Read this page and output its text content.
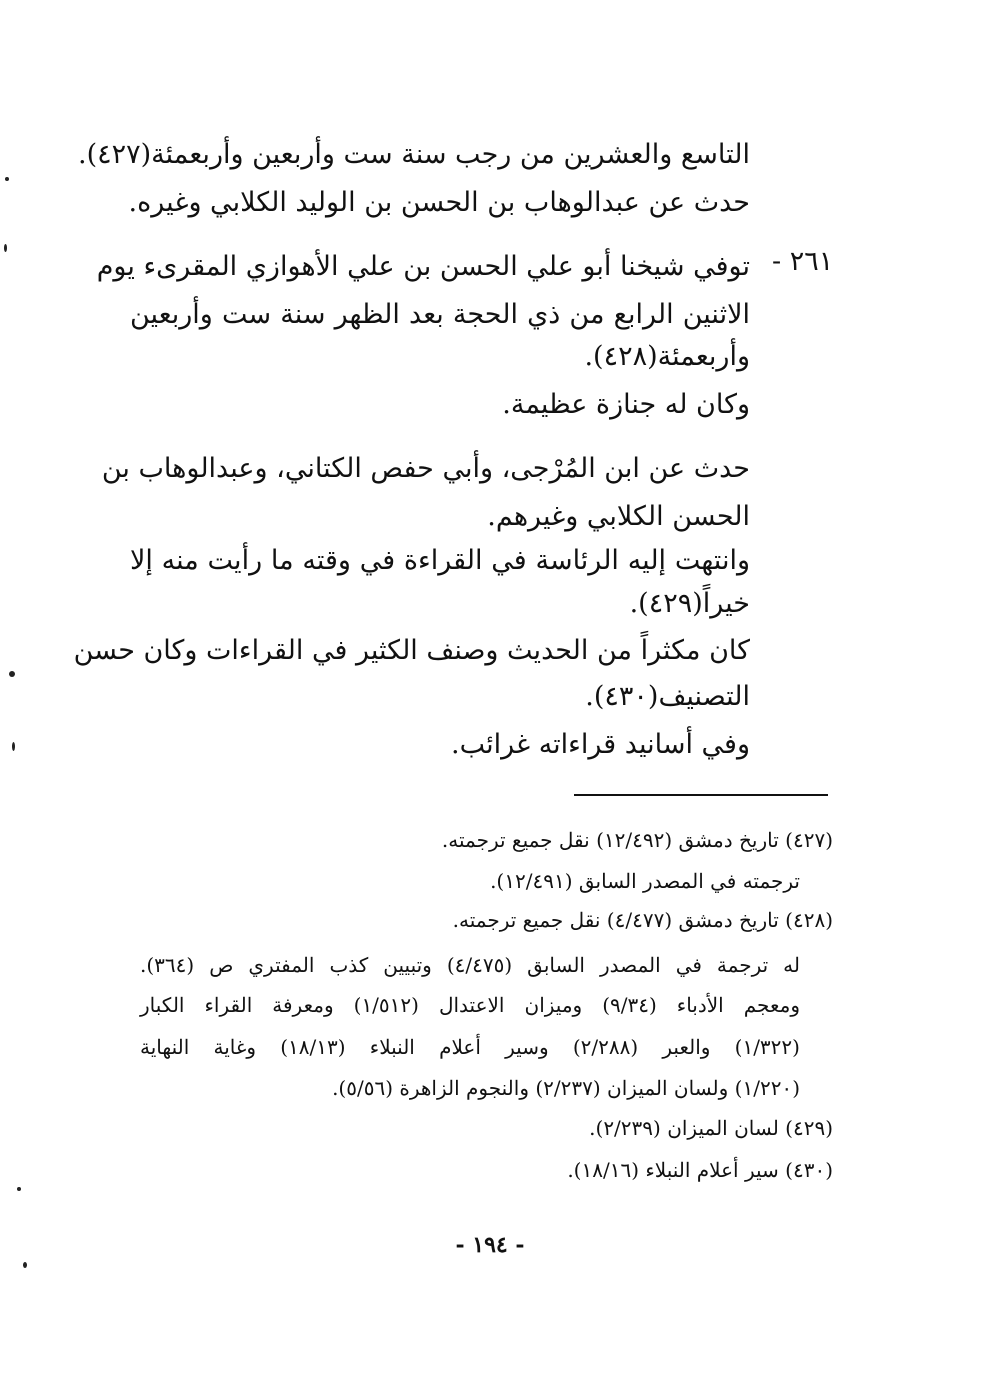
التاسع والعشرين من رجب سنة ست وأربعين وأربعمئة(٤٢٧).
حدث عن عبدالوهاب بن الحسن بن الوليد الكلابي وغيره.
٢٦١ -
توفي شيخنا أبو علي الحسن بن علي الأهوازي المقرىء يوم
الاثنين الرابع من ذي الحجة بعد الظهر سنة ست وأربعين
وأربعمئة(٤٢٨).
وكان له جنازة عظيمة.
حدث عن ابن المُرْجى، وأبي حفص الكتاني، وعبدالوهاب بن
الحسن الكلابي وغيرهم.
وانتهت إليه الرئاسة في القراءة في وقته ما رأيت منه إلا
خيراً(٤٢٩).
كان مكثراً من الحديث وصنف الكثير في القراءات وكان حسن
التصنيف(٤٣٠).
وفي أسانيد قراءاته غرائب.
(٤٢٧) تاريخ دمشق (١٢/٤٩٢) نقل جميع ترجمته.
ترجمته في المصدر السابق (١٢/٤٩١).
(٤٢٨) تاريخ دمشق (٤/٤٧٧) نقل جميع ترجمته.
له ترجمة في المصدر السابق (٤/٤٧٥) وتبيين كذب المفتري ص (٣٦٤).
ومعجم الأدباء (٩/٣٤) وميزان الاعتدال (١/٥١٢) ومعرفة القراء الكبار
(١/٣٢٢) والعبر (٢/٢٨٨) وسير أعلام النبلاء (١٨/١٣) وغاية النهاية
(١/٢٢٠) ولسان الميزان (٢/٢٣٧) والنجوم الزاهرة (٥/٥٦).
(٤٢٩) لسان الميزان (٢/٢٣٩).
(٤٣٠) سير أعلام النبلاء (١٨/١٦).
- ١٩٤ -
